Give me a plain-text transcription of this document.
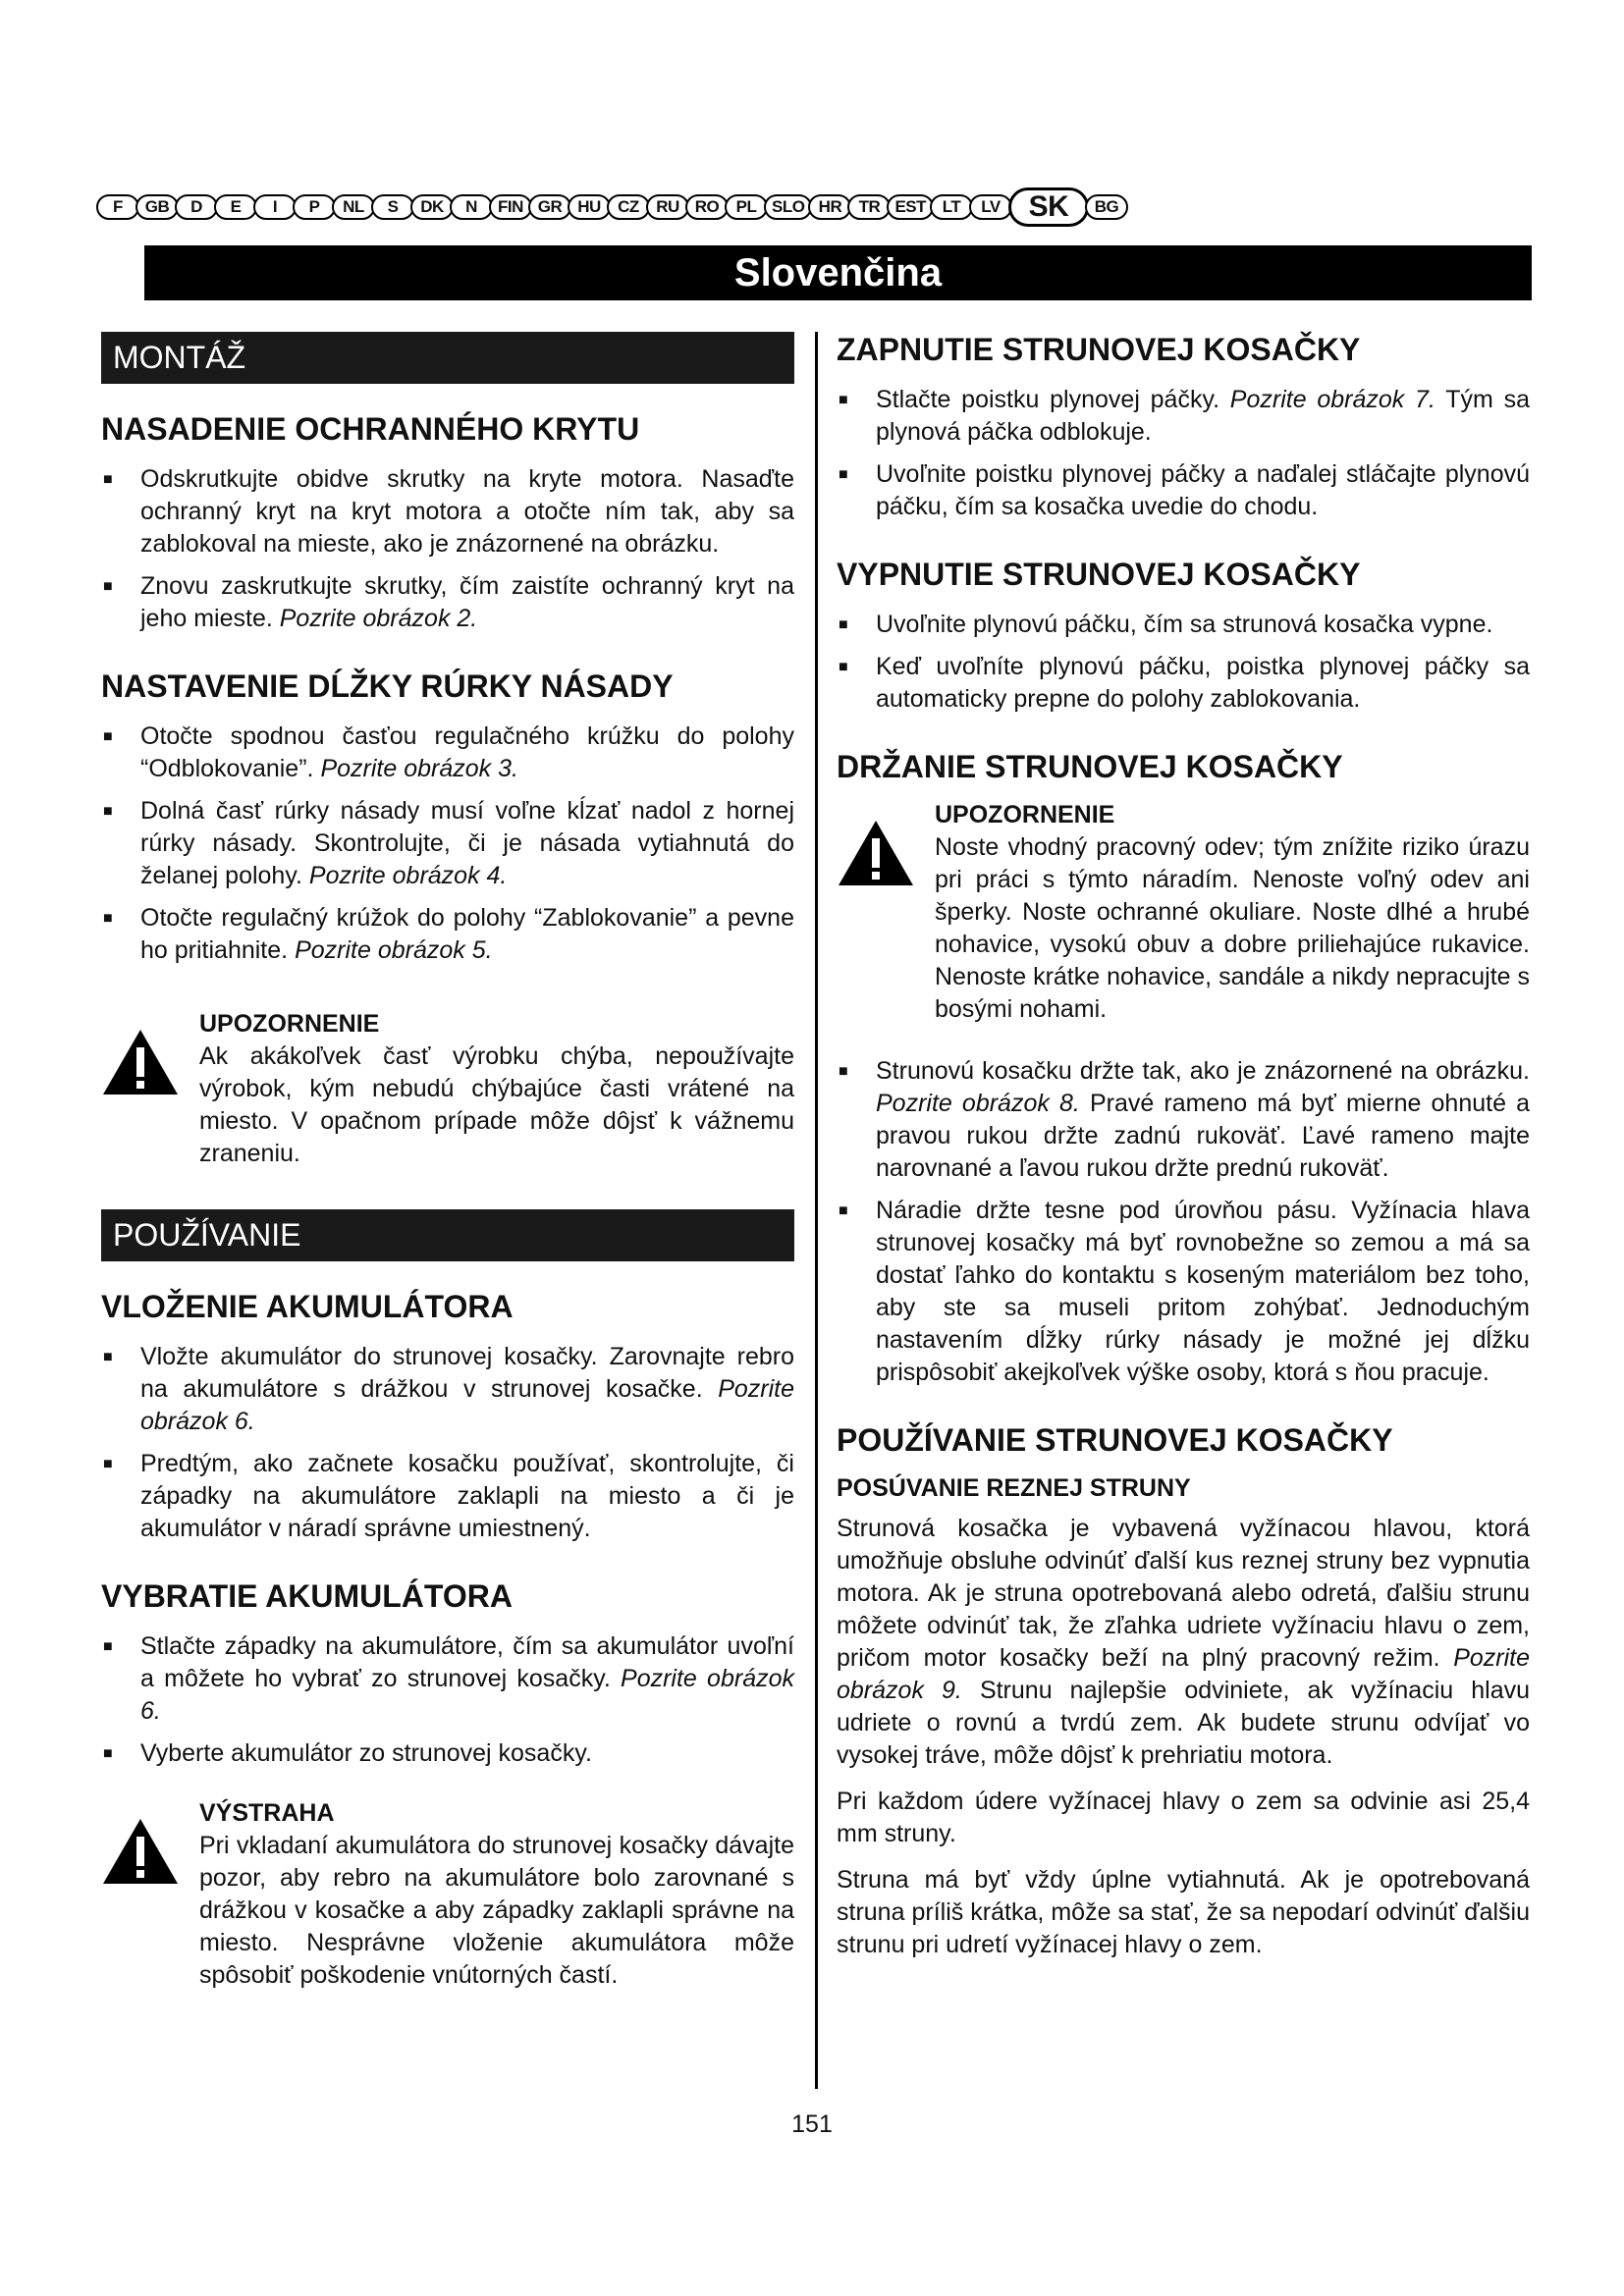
F	GB	D	E	I	P	NL	S	DK	N	FIN GR HU	CZ	RU RO	PL SLO HR	TR EST LT	LV SK	BG
Slovenčina
MONTÁŽ
NASADENIE OCHRANNÉHO KRYTU
■ Odskrutkujte obidve skrutky na kryte motora. Nasaďte ochranný kryt na kryt motora a otočte ním tak, aby sa zablokoval na mieste, ako je znázornené na obrázku.
■ Znovu zaskrutkujte skrutky, čím zaistíte ochranný kryt na jeho mieste. Pozrite obrázok 2.
NASTAVENIE DĹŽKY RÚRKY NÁSADY
■ Otočte spodnou časťou regulačného krúžku do polohy “Odblokovanie”. Pozrite obrázok 3.
■ Dolná časť rúrky násady musí voľne kĺzať nadol z hornej rúrky násady. Skontrolujte, či je násada vytiahnutá do želanej polohy. Pozrite obrázok 4.
■ Otočte regulačný krúžok do polohy “Zablokovanie” a pevne ho pritiahnite. Pozrite obrázok 5.
UPOZORNENIE
Ak akákoľvek časť výrobku chýba, nepoužívajte výrobok, kým nebudú chýbajúce časti vrátené na miesto. V opačnom prípade môže dôjsť k vážnemu zraneniu.
POUŽÍVANIE
VLOŽENIE AKUMULÁTORA
■ Vložte akumulátor do strunovej kosačky. Zarovnajte rebro na akumulátore s drážkou v strunovej kosačke. Pozrite obrázok 6.
■ Predtým, ako začnete kosačku používať, skontrolujte, či západky na akumulátore zaklapli na miesto a či je akumulátor v náradí správne umiestnený.
VYBRATIE AKUMULÁTORA
■ Stlačte západky na akumulátore, čím sa akumulátor uvoľní a môžete ho vybrať zo strunovej kosačky. Pozrite obrázok 6.
■ Vyberte akumulátor zo strunovej kosačky.
VÝSTRAHA
Pri vkladaní akumulátora do strunovej kosačky dávajte pozor, aby rebro na akumulátore bolo zarovnané s drážkou v kosačke a aby západky zaklapli správne na miesto. Nesprávne vloženie akumulátora môže spôsobiť poškodenie vnútorných častí.
ZAPNUTIE STRUNOVEJ KOSAČKY
■ Stlačte poistku plynovej páčky. Pozrite obrázok 7. Tým sa plynová páčka odblokuje.
■ Uvoľnite poistku plynovej páčky a naďalej stláčajte plynovú páčku, čím sa kosačka uvedie do chodu.
VYPNUTIE STRUNOVEJ KOSAČKY
■ Uvoľnite plynovú páčku, čím sa strunová kosačka vypne.
■ Keď uvoľníte plynovú páčku, poistka plynovej páčky sa automaticky prepne do polohy zablokovania.
DRŽANIE STRUNOVEJ KOSAČKY
UPOZORNENIE
Noste vhodný pracovný odev; tým znížite riziko úrazu pri práci s týmto náradím. Nenoste voľný odev ani šperky. Noste ochranné okuliare. Noste dlhé a hrubé nohavice, vysokú obuv a dobre priliehajúce rukavice. Nenoste krátke nohavice, sandále a nikdy nepracujte s bosými nohami.
■ Strunovú kosačku držte tak, ako je znázornené na obrázku. Pozrite obrázok 8. Pravé rameno má byť mierne ohnuté a pravou rukou držte zadnú rukoväť. Ľavé rameno majte narovnané a ľavou rukou držte prednú rukoväť.
■ Náradie držte tesne pod úrovňou pásu. Vyžínacia hlava strunovej kosačky má byť rovnobežne so zemou a má sa dostať ľahko do kontaktu s koseným materiálom bez toho, aby ste sa museli pritom zohýbať. Jednoduchým nastavením dĺžky rúrky násady je možné jej dĺžku prispôsobiť akejkoľvek výške osoby, ktorá s ňou pracuje.
POUŽÍVANIE STRUNOVEJ KOSAČKY
POSÚVANIE REZNEJ STRUNY
Strunová kosačka je vybavená vyžínacou hlavou, ktorá umožňuje obsluhe odvinúť ďalší kus reznej struny bez vypnutia motora. Ak je struna opotrebovaná alebo odretá, ďalšiu strunu môžete odvinúť tak, že zľahka udriete vyžínaciu hlavu o zem, pričom motor kosačky beží na plný pracovný režim. Pozrite obrázok 9. Strunu najlepšie odviniete, ak vyžínaciu hlavu udriete o rovnú a tvrdú zem. Ak budete strunu odvíjať vo vysokej tráve, môže dôjsť k prehriatiu motora.
Pri každom údere vyžínacej hlavy o zem sa odvinie asi 25,4 mm struny.
Struna má byť vždy úplne vytiahnutá. Ak je opotrebovaná struna príliš krátka, môže sa stať, že sa nepodarí odvinúť ďalšiu strunu pri udretí vyžínacej hlavy o zem.
151
